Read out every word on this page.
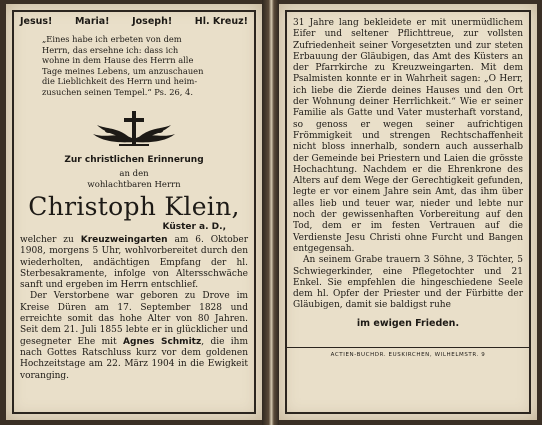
Jesus! Maria! Joseph! Hl. Kreuz!
„Eines habe ich erbeten von dem
Herrn, das ersehne ich: dass ich
wohne in dem Hause des Herrn alle
Tage meines Lebens, um anzuschauen
die Lieblichkeit des Herrn und heim-
zusuchen seinen Tempel.“ Ps. 26, 4.
Zur christlichen Erinnerung
an den
wohlachtbaren Herrn
Christoph Klein,
Küster a. D.,

welcher zu Kreuzweingarten am 6. Oktober 1908, morgens 5 Uhr, wohlvorbereitet durch den wiederholten, andächtigen Empfang der hl. Sterbesakramente, infolge von Altersschwäche sanft und ergeben im Herrn entschlief.

Der Verstorbene war geboren zu Drove im Kreise Düren am 17. September 1828 und erreichte somit das hohe Alter von 80 Jahren. Seit dem 21. Juli 1855 lebte er in glücklicher und gesegneter Ehe mit Agnes Schmitz, die ihm nach Gottes Ratschluss kurz vor dem goldenen Hochzeitstage am 22. März 1904 in die Ewigkeit voranging.

31 Jahre lang bekleidete er mit unermüdlichem Eifer und seltener Pflichttreue, zur vollsten Zufriedenheit seiner Vorgesetzten und zur steten Erbauung der Gläubigen, das Amt des Küsters an der Pfarrkirche zu Kreuzweingarten. Mit dem Psalmisten konnte er in Wahrheit sagen: „O Herr, ich liebe die Zierde deines Hauses und den Ort der Wohnung deiner Herrlichkeit.“ Wie er seiner Familie als Gatte und Vater musterhaft vorstand, so genoss er wegen seiner aufrichtigen Frömmigkeit und strengen Rechtschaffenheit nicht bloss innerhalb, sondern auch ausserhalb der Gemeinde bei Priestern und Laien die grösste Hochachtung. Nachdem er die Ehrenkrone des Alters auf dem Wege der Gerechtigkeit gefunden, legte er vor einem Jahre sein Amt, das ihm über alles lieb und teuer war, nieder und lebte nur noch der gewissenhaften Vorbereitung auf den Tod, dem er im festen Vertrauen auf die Verdienste Jesu Christi ohne Furcht und Bangen entgegensah.

An seinem Grabe trauern 3 Söhne, 3 Töchter, 5 Schwiegerkinder, eine Pflegetochter und 21 Enkel. Sie empfehlen die hingeschiedene Seele dem hl. Opfer der Priester und der Fürbitte der Gläubigen, damit sie baldigst ruhe

im ewigen Frieden.
ACTIEN-BUCHDR. EUSKIRCHEN, WILHELMSTR. 9
